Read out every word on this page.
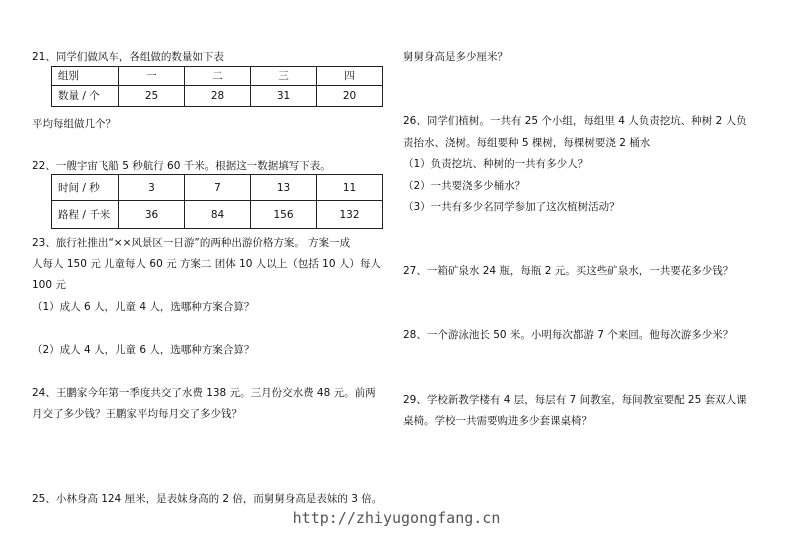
21、同学们做风车，各组做的数量如下表
组别	一	二	三	四
数量 / 个	25	28	31	20
平均每组做几个？
22、一艘宇宙飞船 5 秒航行 60 千米。根据这一数据填写下表。
时间 / 秒	3	7	13	11
路程 / 千米	36	84	156	132
23、旅行社推出“××风景区一日游”的两种出游价格方案。 方案一成
人每人 150 元 儿童每人 60 元 方案二 团体 10 人以上（包括 10 人）每人
100 元
（1）成人 6 人，儿童 4 人，选哪种方案合算？
（2）成人 4 人，儿童 6 人，选哪种方案合算？
24、王鹏家今年第一季度共交了水费 138 元。三月份交水费 48 元。前两
月交了多少钱？王鹏家平均每月交了多少钱？
25、小林身高 124 厘米，是表妹身高的 2 倍，而舅舅身高是表妹的 3 倍。
舅舅身高是多少厘米？
26、同学们植树。一共有 25 个小组，每组里 4 人负责挖坑、种树 2 人负
责抬水、浇树。每组要种 5 棵树，每棵树要浇 2 桶水
（1）负责挖坑、种树的一共有多少人？
（2）一共要浇多少桶水？
（3）一共有多少名同学参加了这次植树活动？
27、一箱矿泉水 24 瓶，每瓶 2 元。买这些矿泉水，一共要花多少钱？
28、一个游泳池长 50 米。小明每次都游 7 个来回。他每次游多少米？
29、学校新教学楼有 4 层，每层有 7 间教室，每间教室要配 25 套双人课
桌椅。学校一共需要购进多少套课桌椅？
http://zhiyugongfang.cn
